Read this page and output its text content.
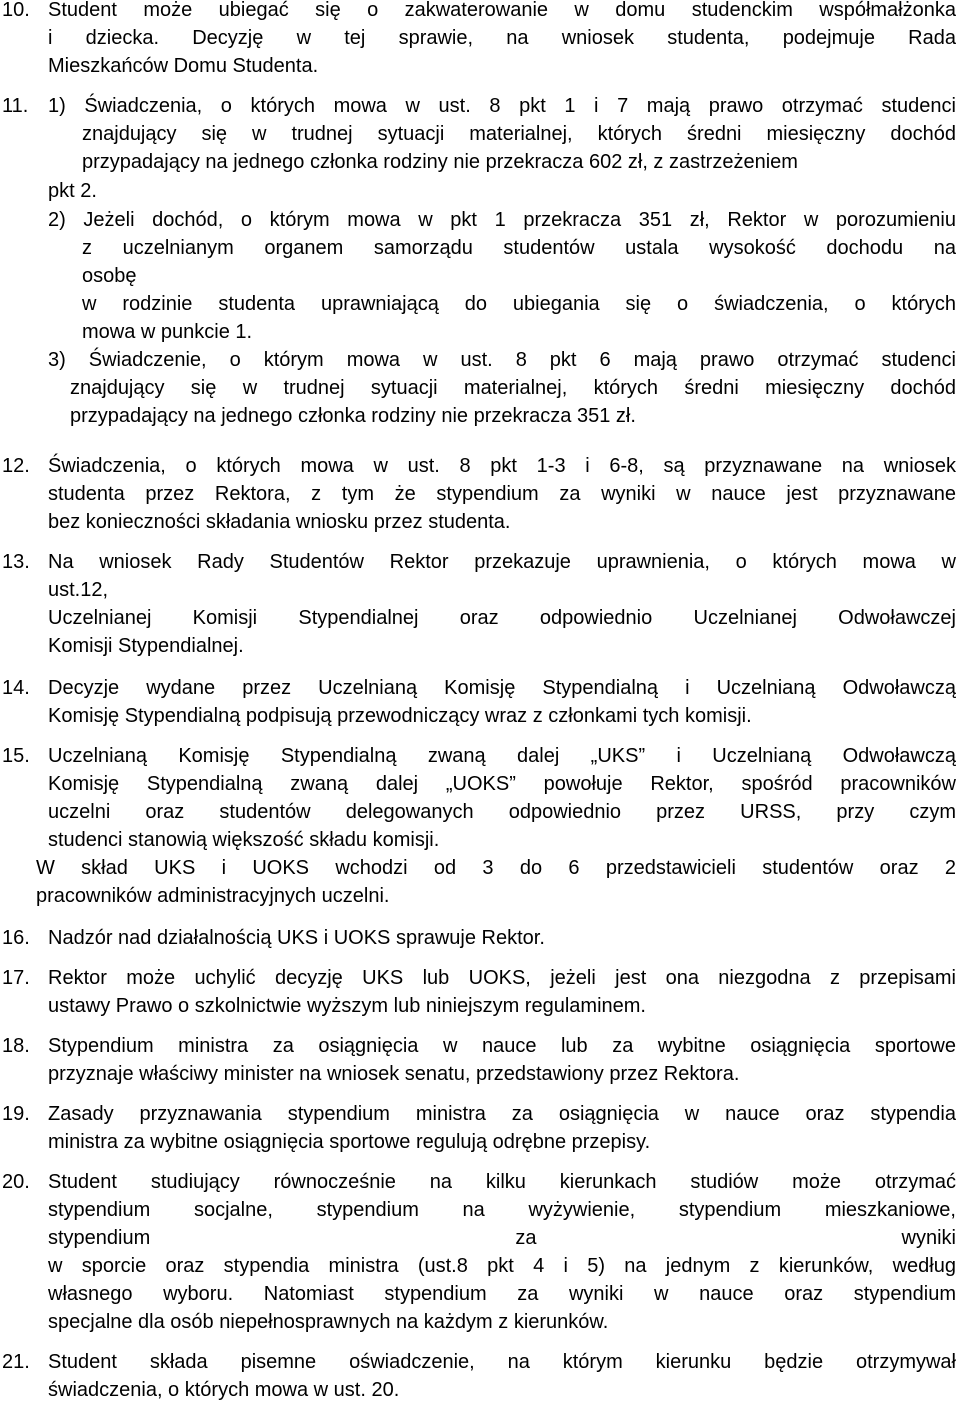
10. Student może ubiegać się o zakwaterowanie w domu studenckim współmałżonka
i dziecka. Decyzję w tej sprawie, na wniosek studenta, podejmuje Rada
Mieszkańców Domu Studenta.
11. 1) Świadczenia, o których mowa w ust. 8 pkt 1 i 7 mają prawo otrzymać studenci
znajdujący się w trudnej sytuacji materialnej, których średni miesięczny dochód
przypadający na jednego członka rodziny nie przekracza 602 zł, z zastrzeżeniem
pkt 2.
2) Jeżeli dochód, o którym mowa w pkt 1 przekracza 351 zł, Rektor w porozumieniu
z uczelnianym organem samorządu studentów ustala wysokość dochodu na
osobę
w rodzinie studenta uprawniającą do ubiegania się o świadczenia, o których
mowa w punkcie 1.
3) Świadczenie, o którym mowa w ust. 8 pkt 6 mają prawo otrzymać studenci
znajdujący się w trudnej sytuacji materialnej, których średni miesięczny dochód
przypadający na jednego członka rodziny nie przekracza 351 zł.
12. Świadczenia, o których mowa w ust. 8 pkt 1-3 i 6-8, są przyznawane na wniosek
studenta przez Rektora, z tym że stypendium za wyniki w nauce jest przyznawane
bez konieczności składania wniosku przez studenta.
13. Na wniosek Rady Studentów Rektor przekazuje uprawnienia, o których mowa w
ust.12,
Uczelnianej Komisji Stypendialnej oraz odpowiednio Uczelnianej Odwoławczej
Komisji Stypendialnej.
14. Decyzje wydane przez Uczelnianą Komisję Stypendialną i Uczelnianą Odwoławczą
Komisję Stypendialną podpisują przewodniczący wraz z członkami tych komisji.
15. Uczelnianą Komisję Stypendialną zwaną dalej „UKS” i Uczelnianą Odwoławczą
Komisję Stypendialną zwaną dalej „UOKS” powołuje Rektor, spośród pracowników
uczelni oraz studentów delegowanych odpowiednio przez URSS, przy czym
studenci stanowią większość składu komisji.
W skład UKS i UOKS wchodzi od 3 do 6 przedstawicieli studentów oraz 2
pracowników administracyjnych uczelni.
16. Nadzór nad działalnością UKS i UOKS sprawuje Rektor.
17. Rektor może uchylić decyzję UKS lub UOKS, jeżeli jest ona niezgodna z przepisami
ustawy Prawo o szkolnictwie wyższym lub niniejszym regulaminem.
18. Stypendium ministra za osiągnięcia w nauce lub za wybitne osiągnięcia sportowe
przyznaje właściwy minister na wniosek senatu, przedstawiony przez Rektora.
19. Zasady przyznawania stypendium ministra za osiągnięcia w nauce oraz stypendia
ministra za wybitne osiągnięcia sportowe regulują odrębne przepisy.
20. Student studiujący równocześnie na kilku kierunkach studiów może otrzymać
stypendium socjalne, stypendium na wyżywienie, stypendium mieszkaniowe,
stypendium za wyniki
w sporcie oraz stypendia ministra (ust.8 pkt 4 i 5) na jednym z kierunków, według
własnego wyboru. Natomiast stypendium za wyniki w nauce oraz stypendium
specjalne dla osób niepełnosprawnych na każdym z kierunków.
21. Student składa pisemne oświadczenie, na którym kierunku będzie otrzymywał
świadczenia, o których mowa w ust. 20.
